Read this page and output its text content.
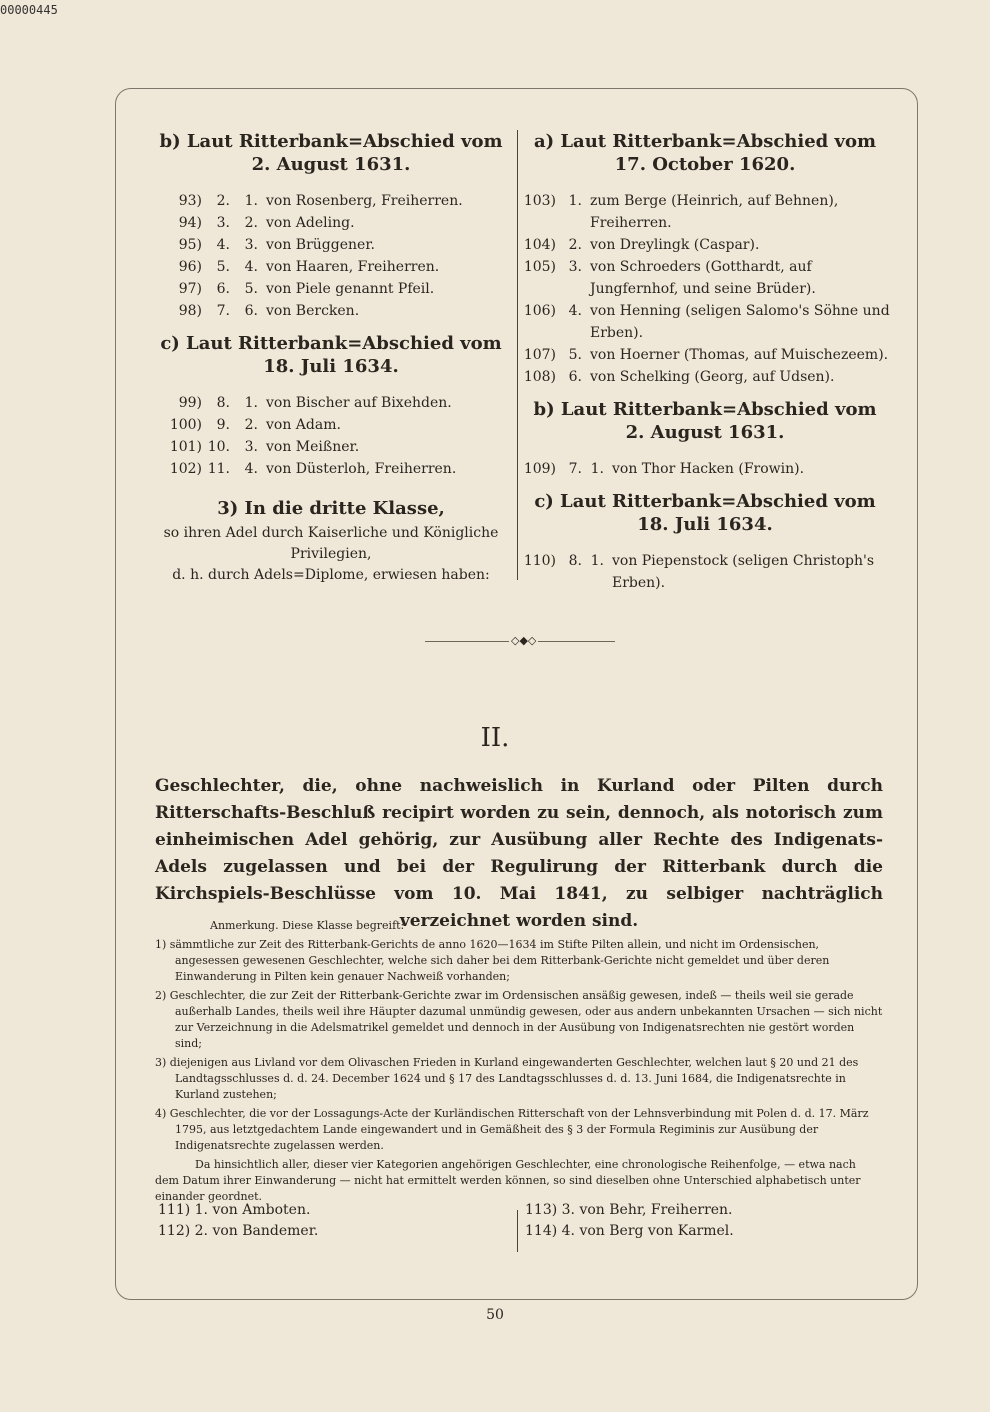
00000445

b) Laut Ritterbank=Abschied vom

2. August 1631.

93)	2.	1. von Rosenberg, Freiherren.
94)	3.	2. von Adeling.
95)	4.	3. von Brüggener.
96)	5.	4. von Haaren, Freiherren.
97)	6.	5. von Piele genannt Pfeil.
98)	7.	6. von Bercken.

c) Laut Ritterbank=Abschied vom

18. Juli 1634.

99)	8.	1. von Bischer auf Bixehden.
100)	9.	2. von Adam.
101) 10.	3. von Meißner.
102) 11.	4. von Düsterloh, Freiherren.

3) In die dritte Klasse,

so ihren Adel durch Kaiserliche und Königliche Privilegien,
d. h. durch Adels=Diplome, erwiesen haben:

a) Laut Ritterbank=Abschied vom

17. October 1620.

103) 1. zum Berge (Heinrich, auf Behnen), Freiherren.
104) 2. von Dreylingk (Caspar).
105) 3. von Schroeders (Gotthardt, auf Jungfernhof, und seine Brüder).
106) 4. von Henning (seligen Salomo's Söhne und Erben).
107) 5. von Hoerner (Thomas, auf Muischezeem).
108) 6. von Schelking (Georg, auf Udsen).

b) Laut Ritterbank=Abschied vom

2. August 1631.

109) 7. 1. von Thor Hacken (Frowin).

c) Laut Ritterbank=Abschied vom

18. Juli 1634.

110) 8. 1. von Piepenstock (seligen Christoph's Erben).
◇◆◇
II.
Geschlechter, die, ohne nachweislich in Kurland oder Pilten durch Ritterschafts-Beschluß recipirt worden zu sein, dennoch, als notorisch zum einheimischen Adel gehörig, zur Ausübung aller Rechte des Indigenats-Adels zugelassen und bei der Regulirung der Ritterbank durch die Kirchspiels-Beschlüsse vom 10. Mai 1841, zu selbiger nachträglich verzeichnet worden sind.

Anmerkung. Diese Klasse begreift:

1) sämmtliche zur Zeit des Ritterbank-Gerichts de anno 1620—1634 im Stifte Pilten allein, und nicht im Ordensischen, angesessen gewesenen Geschlechter, welche sich daher bei dem Ritterbank-Gerichte nicht gemeldet und über deren Einwanderung in Pilten kein genauer Nachweiß vorhanden;

2) Geschlechter, die zur Zeit der Ritterbank-Gerichte zwar im Ordensischen ansäßig gewesen, indeß — theils weil sie gerade außerhalb Landes, theils weil ihre Häupter dazumal unmündig gewesen, oder aus andern unbekannten Ursachen — sich nicht zur Verzeichnung in die Adelsmatrikel gemeldet und dennoch in der Ausübung von Indigenatsrechten nie gestört worden sind;

3) diejenigen aus Livland vor dem Olivaschen Frieden in Kurland eingewanderten Geschlechter, welchen laut § 20 und 21 des Landtagsschlusses d. d. 24. December 1624 und § 17 des Landtagsschlusses d. d. 13. Juni 1684, die Indigenatsrechte in Kurland zustehen;

4) Geschlechter, die vor der Lossagungs-Acte der Kurländischen Ritterschaft von der Lehnsverbindung mit Polen d. d. 17. März 1795, aus letztgedachtem Lande eingewandert und in Gemäßheit des § 3 der Formula Regiminis zur Ausübung der Indigenatsrechte zugelassen werden.

Da hinsichtlich aller, dieser vier Kategorien angehörigen Geschlechter, eine chronologische Reihenfolge, — etwa nach dem Datum ihrer Einwanderung — nicht hat ermittelt werden können, so sind dieselben ohne Unterschied alphabetisch unter einander geordnet.

111) 1. von Amboten.
112) 2. von Bandemer.
113) 3. von Behr, Freiherren.
114) 4. von Berg von Karmel.
50
